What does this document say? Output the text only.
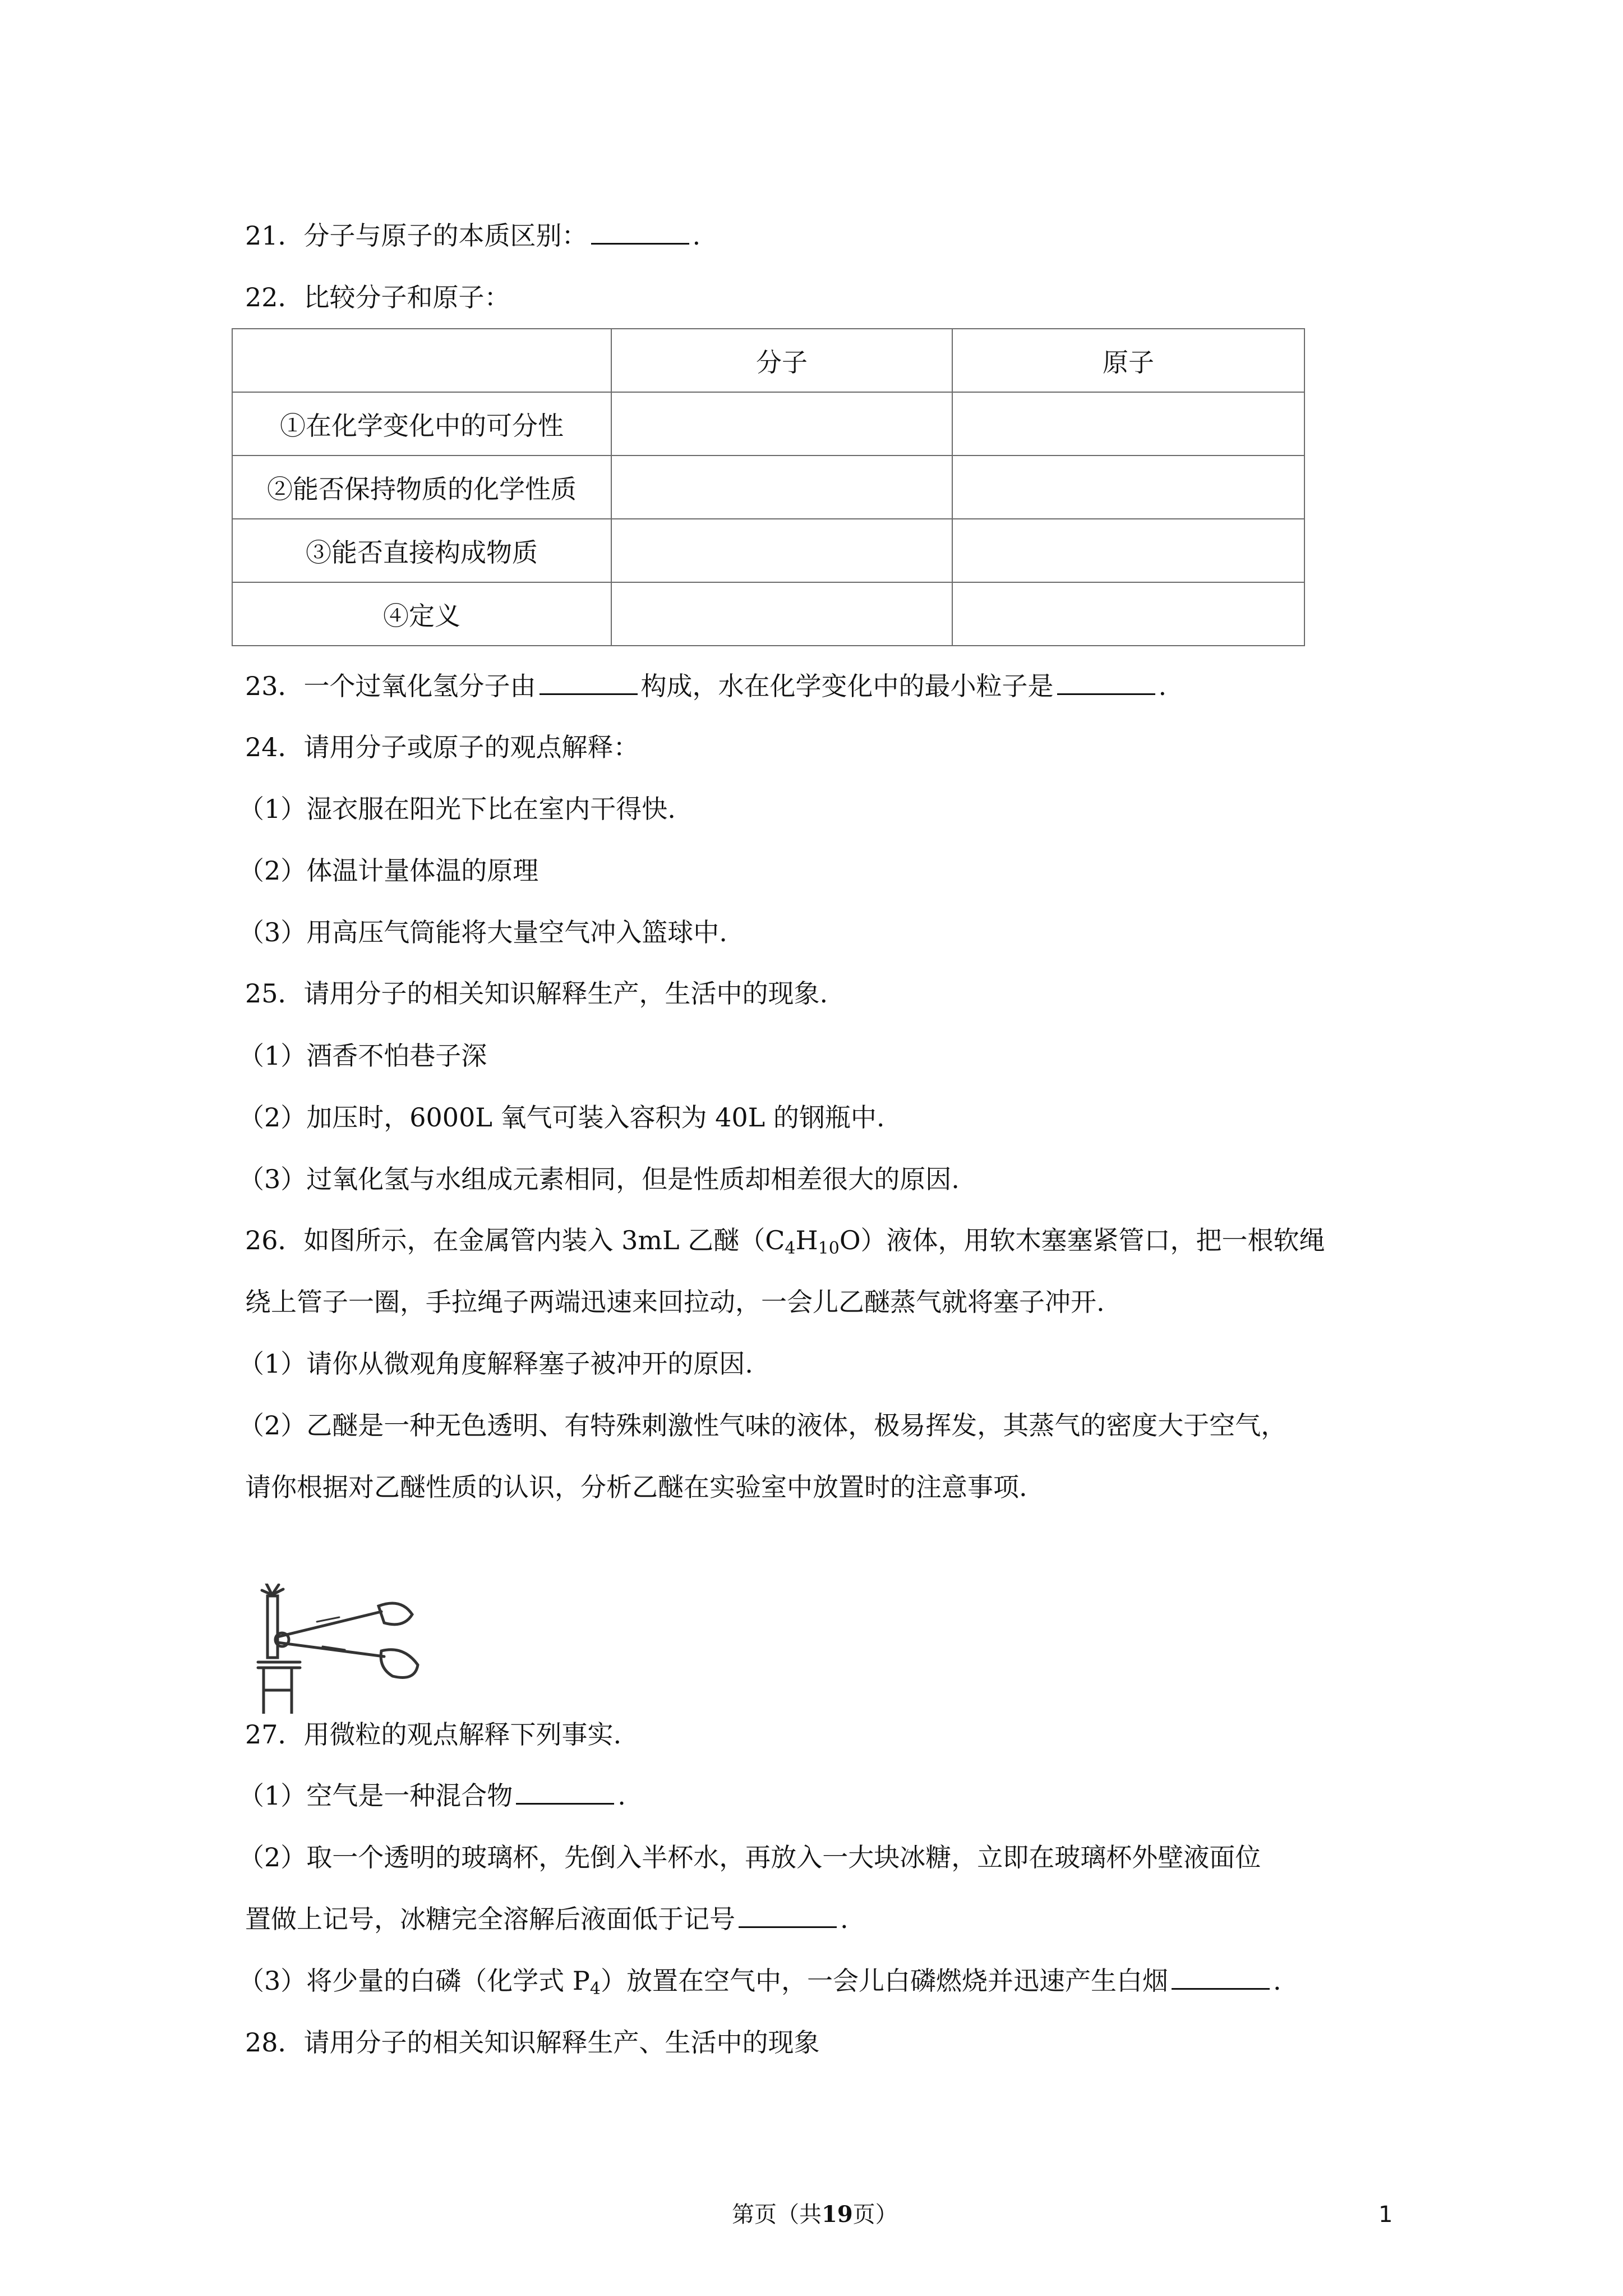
21．分子与原子的本质区别：	.
22．比较分子和原子：
	分子	原子
①在化学变化中的可分性		
②能否保持物质的化学性质		
③能否直接构成物质		
④定义		
23．一个过氧化氢分子由	构成，水在化学变化中的最小粒子是	.
24．请用分子或原子的观点解释：
（1）湿衣服在阳光下比在室内干得快.
（2）体温计量体温的原理
（3）用高压气筒能将大量空气冲入篮球中.
25．请用分子的相关知识解释生产，生活中的现象.
（1）酒香不怕巷子深
（2）加压时，6000L 氧气可装入容积为 40L 的钢瓶中.
（3）过氧化氢与水组成元素相同，但是性质却相差很大的原因.
26．如图所示，在金属管内装入 3mL 乙醚$(C_4H_{10}O)$液体，用软木塞塞紧管口，把一根软绳
绕上管子一圈，手拉绳子两端迅速来回拉动，一会儿乙醚蒸气就将塞子冲开.
（1）请你从微观角度解释塞子被冲开的原因.
（2）乙醚是一种无色透明、有特殊刺激性气味的液体，极易挥发，其蒸气的密度大于空气，
请你根据对乙醚性质的认识，分析乙醚在实验室中放置时的注意事项.
27．用微粒的观点解释下列事实.
（1）空气是一种混合物	.
（2）取一个透明的玻璃杯，先倒入半杯水，再放入一大块冰糖，立即在玻璃杯外壁液面位
置做上记号，冰糖完全溶解后液面低于记号	.
（3）将少量的白磷（化学式 $P_4$）放置在空气中，一会儿白磷燃烧并迅速产生白烟	.
28．请用分子的相关知识解释生产、生活中的现象
第页（共19页）	1
